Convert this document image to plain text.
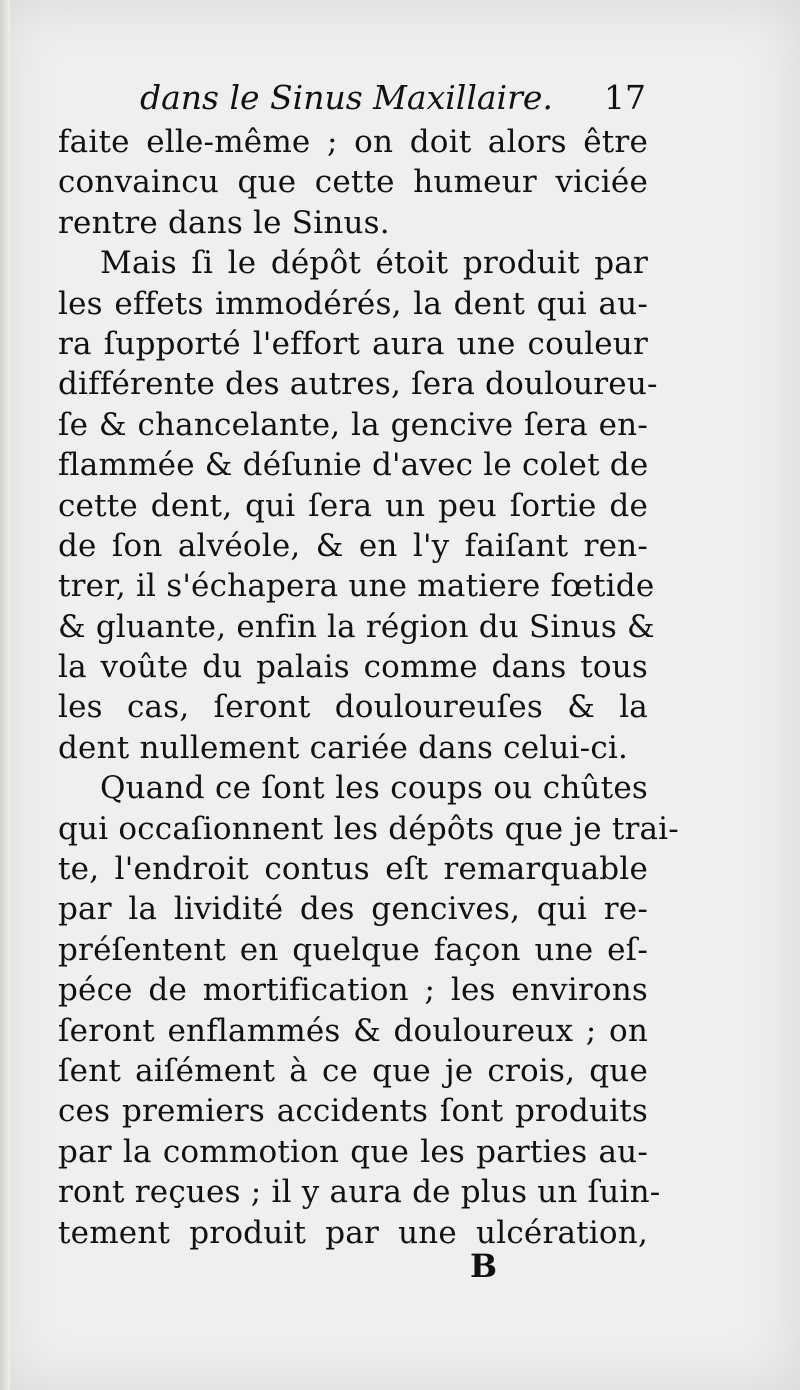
dans le Sinus Maxillaire. 17
faite elle-même ; on doit alors être
convaincu que cette humeur viciée
rentre dans le Sinus.
Mais ſi le dépôt étoit produit par
les effets immodérés, la dent qui au-
ra ſupporté l'effort aura une couleur
différente des autres, ſera douloureu-
ſe & chancelante, la gencive ſera en-
flammée & déſunie d'avec le colet de
cette dent, qui ſera un peu ſortie de
de ſon alvéole, & en l'y faiſant ren-
trer, il s'échapera une matiere fœtide
& gluante, enfin la région du Sinus &
la voûte du palais comme dans tous
les cas, ſeront douloureuſes & la
dent nullement cariée dans celui-ci.
Quand ce ſont les coups ou chûtes
qui occaſionnent les dépôts que je trai-
te, l'endroit contus eſt remarquable
par la lividité des gencives, qui re-
préſentent en quelque façon une eſ-
péce de mortification ; les environs
ſeront enflammés & douloureux ; on
ſent aiſément à ce que je crois, que
ces premiers accidents ſont produits
par la commotion que les parties au-
ront reçues ; il y aura de plus un ſuin-
tement produit par une ulcération,
B
